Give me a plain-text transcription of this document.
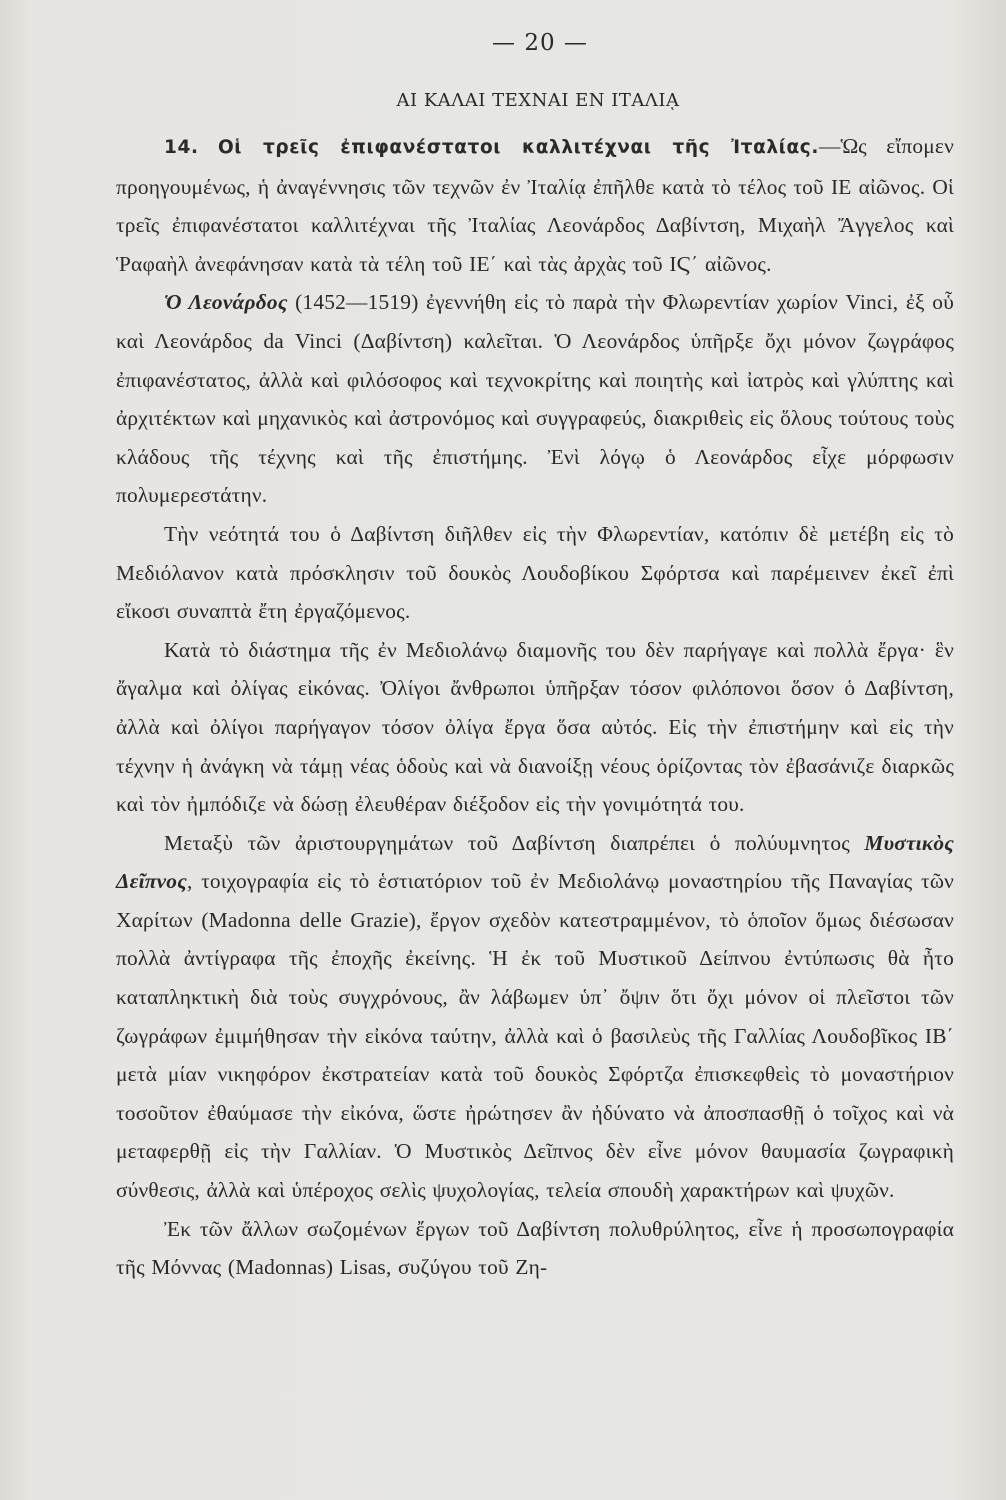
— 20 —
ΑΙ ΚΑΛΑΙ ΤΕΧΝΑΙ ΕΝ ΙΤΑΛΙᾼ

14. Οἱ τρεῖς ἐπιφανέστατοι καλλιτέχναι τῆς Ἰταλίας.—Ὡς εἴπομεν προηγουμένως, ἡ ἀναγέννησις τῶν τεχνῶν ἐν Ἰταλίᾳ ἐπῆλθε κατὰ τὸ τέλος τοῦ ΙΕ αἰῶνος. Οἱ τρεῖς ἐπιφανέστατοι καλλιτέχναι τῆς Ἰταλίας Λεονάρδος Δαβίντση, Μιχαὴλ Ἄγγελος καὶ Ῥαφαὴλ ἀνεφάνησαν κατὰ τὰ τέλη τοῦ ΙΕ΄ καὶ τὰς ἀρχὰς τοῦ ΙϚ΄ αἰῶνος.

Ὁ Λεονάρδος (1452—1519) ἐγεννήθη εἰς τὸ παρὰ τὴν Φλωρεντίαν χωρίον Vinci, ἐξ οὗ καὶ Λεονάρδος da Vinci (Δαβίντση) καλεῖται. Ὁ Λεονάρδος ὑπῆρξε ὄχι μόνον ζωγράφος ἐπιφανέστατος, ἀλλὰ καὶ φιλόσοφος καὶ τεχνοκρίτης καὶ ποιητὴς καὶ ἰατρὸς καὶ γλύπτης καὶ ἀρχιτέκτων καὶ μηχανικὸς καὶ ἀστρονόμος καὶ συγγραφεύς, διακριθεὶς εἰς ὅλους τούτους τοὺς κλάδους τῆς τέχνης καὶ τῆς ἐπιστήμης. Ἐνὶ λόγῳ ὁ Λεονάρδος εἶχε μόρφωσιν πολυμερεστάτην.

Τὴν νεότητά του ὁ Δαβίντση διῆλθεν εἰς τὴν Φλωρεντίαν, κατόπιν δὲ μετέβη εἰς τὸ Μεδιόλανον κατὰ πρόσκλησιν τοῦ δουκὸς Λουδοβίκου Σφόρτσα καὶ παρέμεινεν ἐκεῖ ἐπὶ εἴκοσι συναπτὰ ἔτη ἐργαζόμενος.

Κατὰ τὸ διάστημα τῆς ἐν Μεδιολάνῳ διαμονῆς του δὲν παρήγαγε καὶ πολλὰ ἔργα· ἓν ἄγαλμα καὶ ὀλίγας εἰκόνας. Ὀλίγοι ἄνθρωποι ὑπῆρξαν τόσον φιλόπονοι ὅσον ὁ Δαβίντση, ἀλλὰ καὶ ὀλίγοι παρήγαγον τόσον ὀλίγα ἔργα ὅσα αὐτός. Εἰς τὴν ἐπιστήμην καὶ εἰς τὴν τέχνην ἡ ἀνάγκη νὰ τάμῃ νέας ὁδοὺς καὶ νὰ διανοίξῃ νέους ὁρίζοντας τὸν ἐβασάνιζε διαρκῶς καὶ τὸν ἠμπόδιζε νὰ δώσῃ ἐλευθέραν διέξοδον εἰς τὴν γονιμότητά του.

Μεταξὺ τῶν ἀριστουργημάτων τοῦ Δαβίντση διαπρέπει ὁ πολύυμνητος Μυστικὸς Δεῖπνος, τοιχογραφία εἰς τὸ ἑστιατόριον τοῦ ἐν Μεδιολάνῳ μοναστηρίου τῆς Παναγίας τῶν Χαρίτων (Madonna delle Grazie), ἔργον σχεδὸν κατεστραμμένον, τὸ ὁποῖον ὅμως διέσωσαν πολλὰ ἀντίγραφα τῆς ἐποχῆς ἐκείνης. Ἡ ἐκ τοῦ Μυστικοῦ Δείπνου ἐντύπωσις θὰ ἦτο καταπληκτικὴ διὰ τοὺς συγχρόνους, ἂν λάβωμεν ὑπ᾽ ὄψιν ὅτι ὄχι μόνον οἱ πλεῖστοι τῶν ζωγράφων ἐμιμήθησαν τὴν εἰκόνα ταύτην, ἀλλὰ καὶ ὁ βασιλεὺς τῆς Γαλλίας Λουδοβῖκος ΙΒ΄ μετὰ μίαν νικηφόρον ἐκστρατείαν κατὰ τοῦ δουκὸς Σφόρτζα ἐπισκεφθεὶς τὸ μοναστήριον τοσοῦτον ἐθαύμασε τὴν εἰκόνα, ὥστε ἠρώτησεν ἂν ἠδύνατο νὰ ἀποσπασθῇ ὁ τοῖχος καὶ νὰ μεταφερθῇ εἰς τὴν Γαλλίαν. Ὁ Μυστικὸς Δεῖπνος δὲν εἶνε μόνον θαυμασία ζωγραφικὴ σύνθεσις, ἀλλὰ καὶ ὑπέροχος σελὶς ψυχολογίας, τελεία σπουδὴ χαρακτήρων καὶ ψυχῶν.

Ἐκ τῶν ἄλλων σωζομένων ἔργων τοῦ Δαβίντση πολυθρύλητος, εἶνε ἡ προσωπογραφία τῆς Μόννας (Madonnas) Lisas, συζύγου τοῦ Ζη-
